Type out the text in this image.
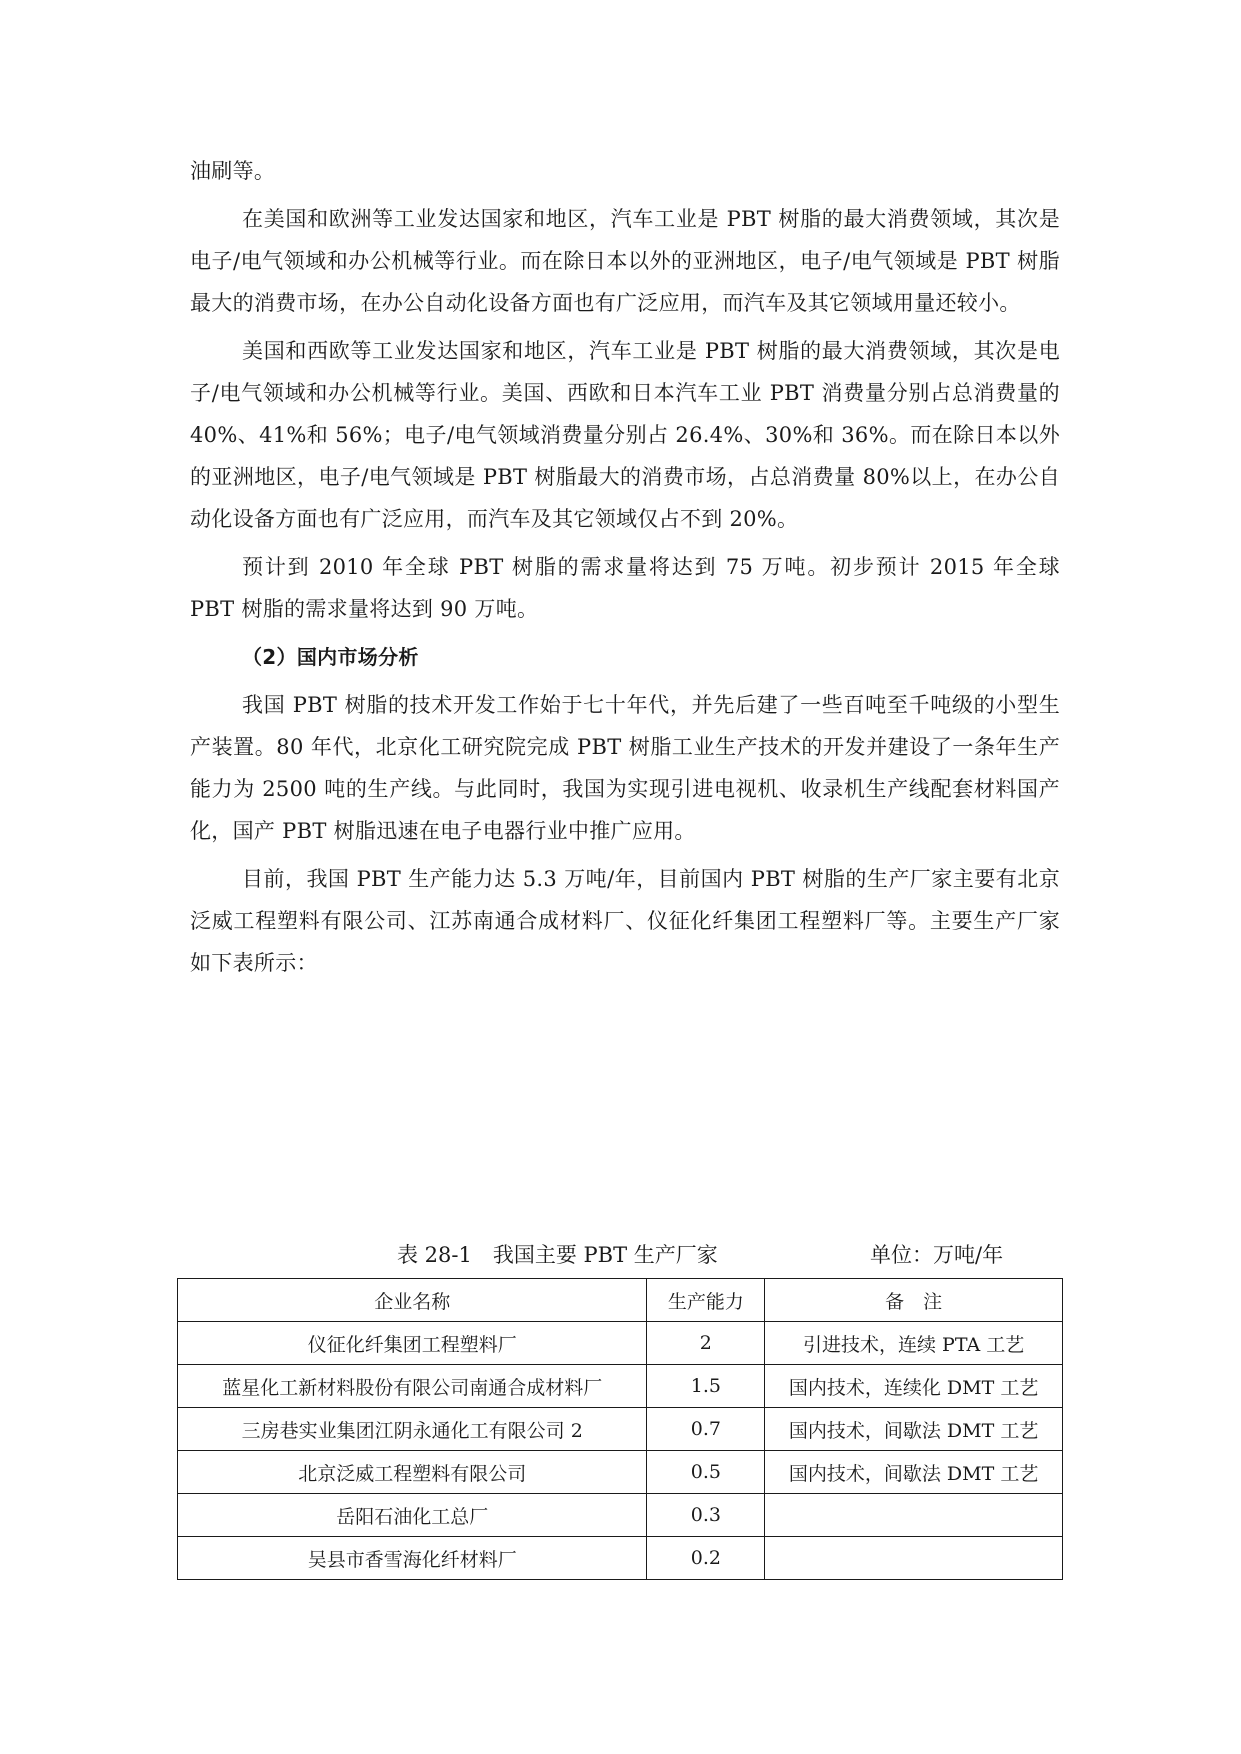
油刷等。

在美国和欧洲等工业发达国家和地区，汽车工业是 PBT 树脂的最大消费领域，其次是电子/电气领域和办公机械等行业。而在除日本以外的亚洲地区，电子/电气领域是 PBT 树脂最大的消费市场，在办公自动化设备方面也有广泛应用，而汽车及其它领域用量还较小。

美国和西欧等工业发达国家和地区，汽车工业是 PBT 树脂的最大消费领域，其次是电子/电气领域和办公机械等行业。美国、西欧和日本汽车工业 PBT 消费量分别占总消费量的 40%、41%和 56%；电子/电气领域消费量分别占 26.4%、30%和 36%。而在除日本以外的亚洲地区，电子/电气领域是 PBT 树脂最大的消费市场，占总消费量 80%以上，在办公自动化设备方面也有广泛应用，而汽车及其它领域仅占不到 20%。

预计到 2010 年全球 PBT 树脂的需求量将达到 75 万吨。初步预计 2015 年全球 PBT 树脂的需求量将达到 90 万吨。

（2）国内市场分析

我国 PBT 树脂的技术开发工作始于七十年代，并先后建了一些百吨至千吨级的小型生产装置。80 年代，北京化工研究院完成 PBT 树脂工业生产技术的开发并建设了一条年生产能力为 2500 吨的生产线。与此同时，我国为实现引进电视机、收录机生产线配套材料国产化，国产 PBT 树脂迅速在电子电器行业中推广应用。

目前，我国 PBT 生产能力达 5.3 万吨/年，目前国内 PBT 树脂的生产厂家主要有北京泛威工程塑料有限公司、江苏南通合成材料厂、仪征化纤集团工程塑料厂等。主要生产厂家如下表所示：

表 28-1　我国主要 PBT 生产厂家	单位：万吨/年
企业名称	生产能力	备　注
仪征化纤集团工程塑料厂	2	引进技术，连续 PTA 工艺
蓝星化工新材料股份有限公司南通合成材料厂	1.5	国内技术，连续化 DMT 工艺
三房巷实业集团江阴永通化工有限公司 2	0.7	国内技术，间歇法 DMT 工艺
北京泛威工程塑料有限公司	0.5	国内技术，间歇法 DMT 工艺
岳阳石油化工总厂	0.3	
吴县市香雪海化纤材料厂	0.2	
